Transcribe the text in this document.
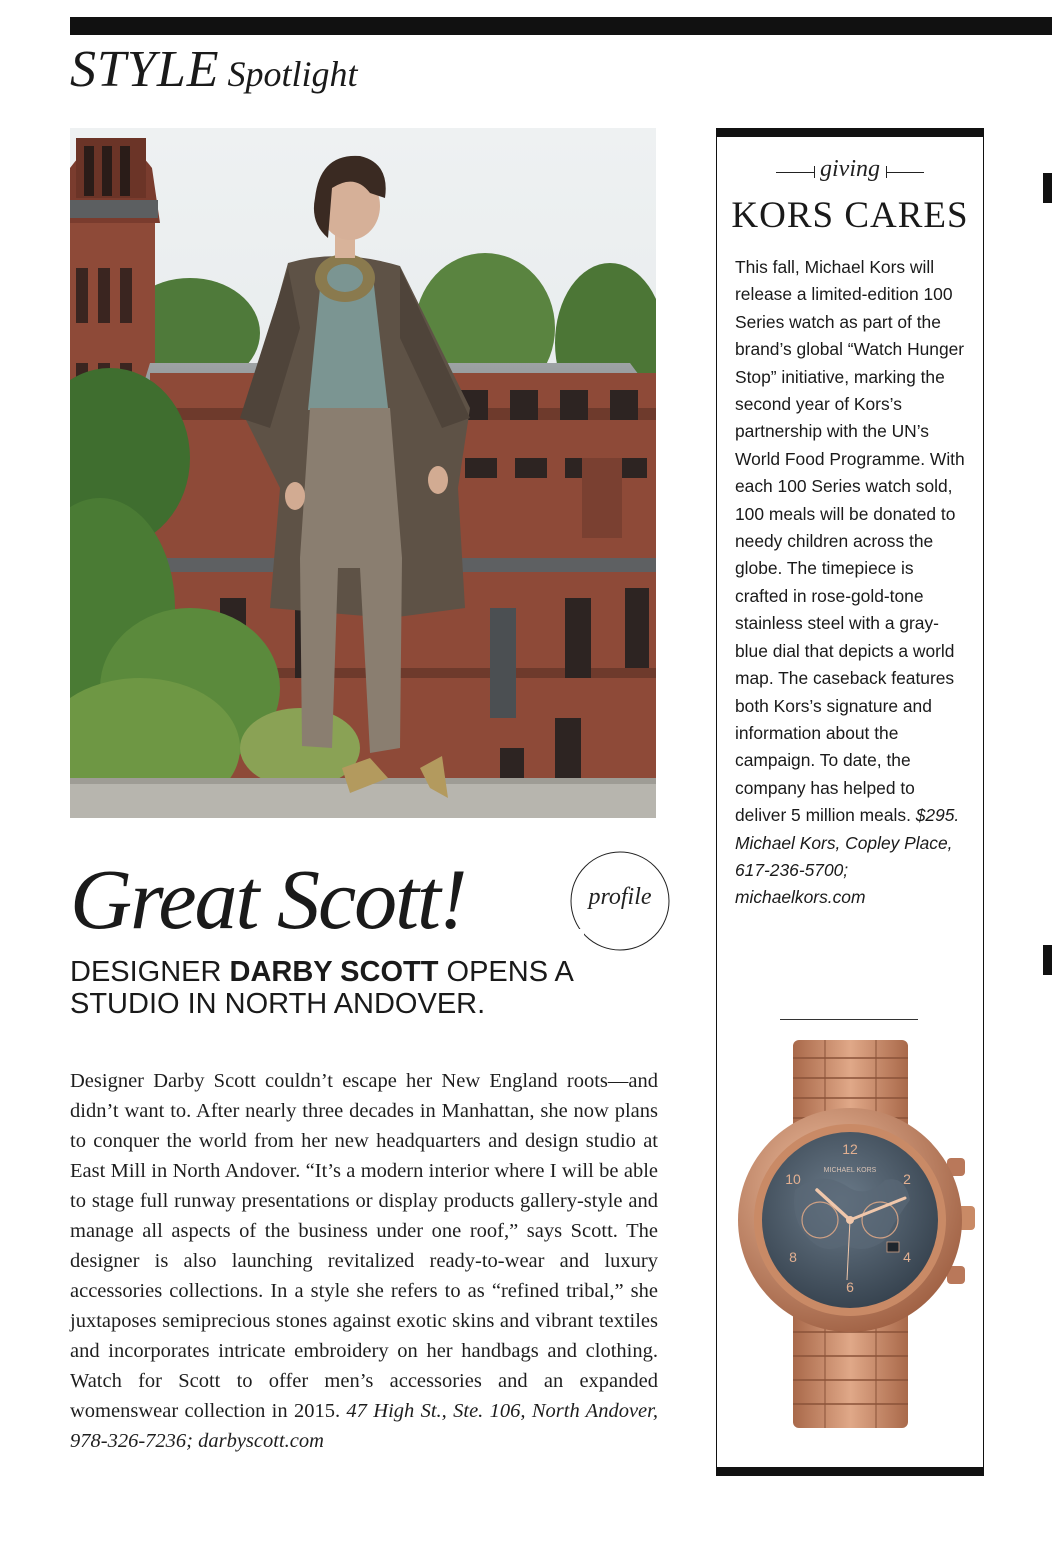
STYLE Spotlight
Great Scott!	profile
DESIGNER DARBY SCOTT OPENS A STUDIO IN NORTH ANDOVER.
Designer Darby Scott couldn’t escape her New England roots—and didn’t want to. After nearly three decades in Manhattan, she now plans to conquer the world from her new headquarters and design studio at East Mill in North Andover. “It’s a modern interior where I will be able to stage full runway presentations or display products gallery-style and manage all aspects of the business under one roof,” says Scott. The designer is also launching revitalized ready-to-wear and luxury accessories collections. In a style she refers to as “refined tribal,” she juxtaposes semiprecious stones against exotic skins and vibrant textiles and incorporates intricate embroidery on her handbags and clothing. Watch for Scott to offer men’s accessories and an expanded womenswear collection in 2015. 47 High St., Ste. 106, North Andover, 978-326-7236; darbyscott.com
giving
KORS CARES
This fall, Michael Kors will release a limited-edition 100 Series watch as part of the brand’s global “Watch Hunger Stop” initiative, marking the second year of Kors’s partnership with the UN’s World Food Programme. With each 100 Series watch sold, 100 meals will be donated to needy children across the globe. The timepiece is crafted in rose-gold-tone stainless steel with a gray-blue dial that depicts a world map. The caseback features both Kors’s signature and information about the campaign. To date, the company has helped to deliver 5 million meals. $295. Michael Kors, Copley Place, 617-236-5700; michaelkors.com
12
2
4
6
8
10
MICHAEL KORS
